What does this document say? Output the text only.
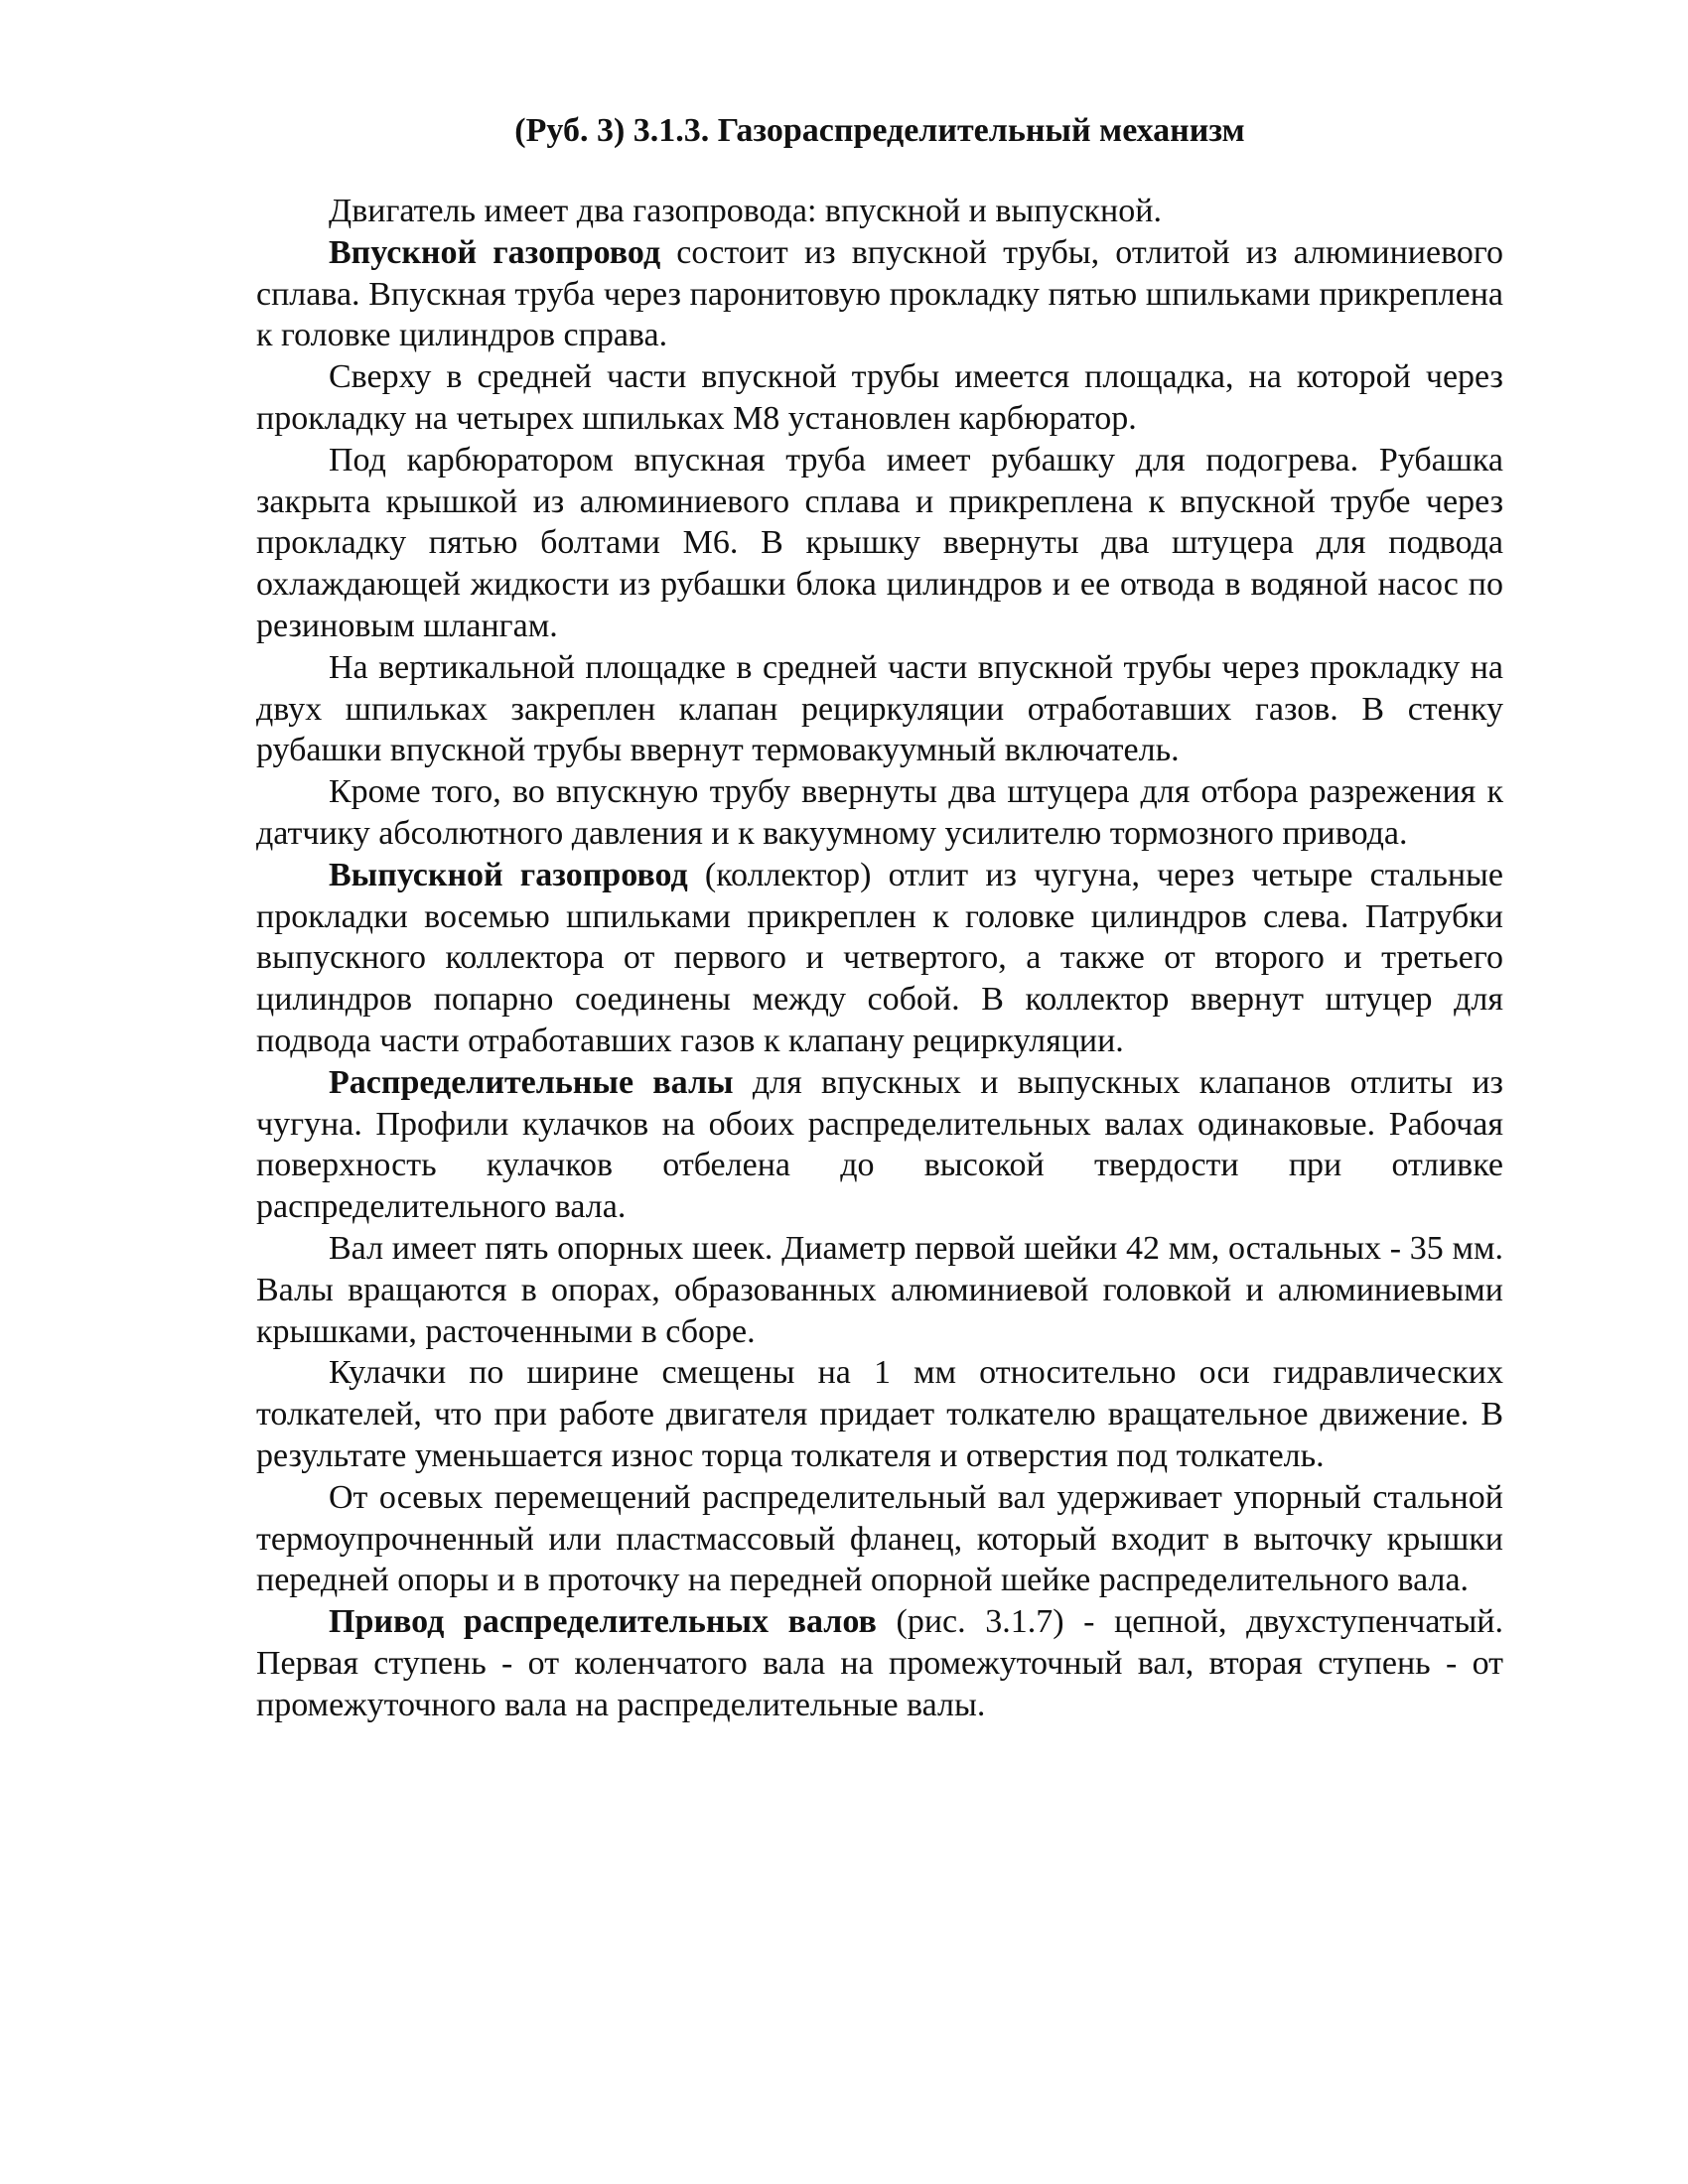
(Руб. 3) 3.1.3. Газораспределительный механизм

Двигатель имеет два газопровода: впускной и выпускной.

Впускной газопровод состоит из впускной трубы, отлитой из алюминиевого сплава. Впускная труба через паронитовую прокладку пятью шпильками прикреплена к головке цилиндров справа.

Сверху в средней части впускной трубы имеется площадка, на которой через прокладку на четырех шпильках М8 установлен карбюратор.

Под карбюратором впускная труба имеет рубашку для подогрева. Рубашка закрыта крышкой из алюминиевого сплава и прикреплена к впускной трубе через прокладку пятью болтами М6. В крышку ввернуты два штуцера для подвода охлаждающей жидкости из рубашки блока цилиндров и ее отвода в водяной насос по резиновым шлангам.

На вертикальной площадке в средней части впускной трубы через прокладку на двух шпильках закреплен клапан рециркуляции отработавших газов. В стенку рубашки впускной трубы ввернут термовакуумный включатель.

Кроме того, во впускную трубу ввернуты два штуцера для отбора разрежения к датчику абсолютного давления и к вакуумному усилителю тормозного привода.

Выпускной газопровод (коллектор) отлит из чугуна, через четыре стальные прокладки восемью шпильками прикреплен к головке цилиндров слева. Патрубки выпускного коллектора от первого и четвертого, а также от второго и третьего цилиндров попарно соединены между собой. В коллектор ввернут штуцер для подвода части отработавших газов к клапану рециркуляции.

Распределительные валы для впускных и выпускных клапанов отлиты из чугуна. Профили кулачков на обоих распределительных валах одинаковые. Рабочая поверхность кулачков отбелена до высокой твердости при отливке распределительного вала.

Вал имеет пять опорных шеек. Диаметр первой шейки 42 мм, остальных - 35 мм. Валы вращаются в опорах, образованных алюминиевой головкой и алюминиевыми крышками, расточенными в сборе.

Кулачки по ширине смещены на 1 мм относительно оси гидравлических толкателей, что при работе двигателя придает толкателю вращательное движение. В результате уменьшается износ торца толкателя и отверстия под толкатель.

От осевых перемещений распределительный вал удерживает упорный стальной термоупрочненный или пластмассовый фланец, который входит в выточку крышки передней опоры и в проточку на передней опорной шейке распределительного вала.

Привод распределительных валов (рис. 3.1.7) - цепной, двухступенчатый. Первая ступень - от коленчатого вала на промежуточный вал, вторая ступень - от промежуточного вала на распределительные валы.
